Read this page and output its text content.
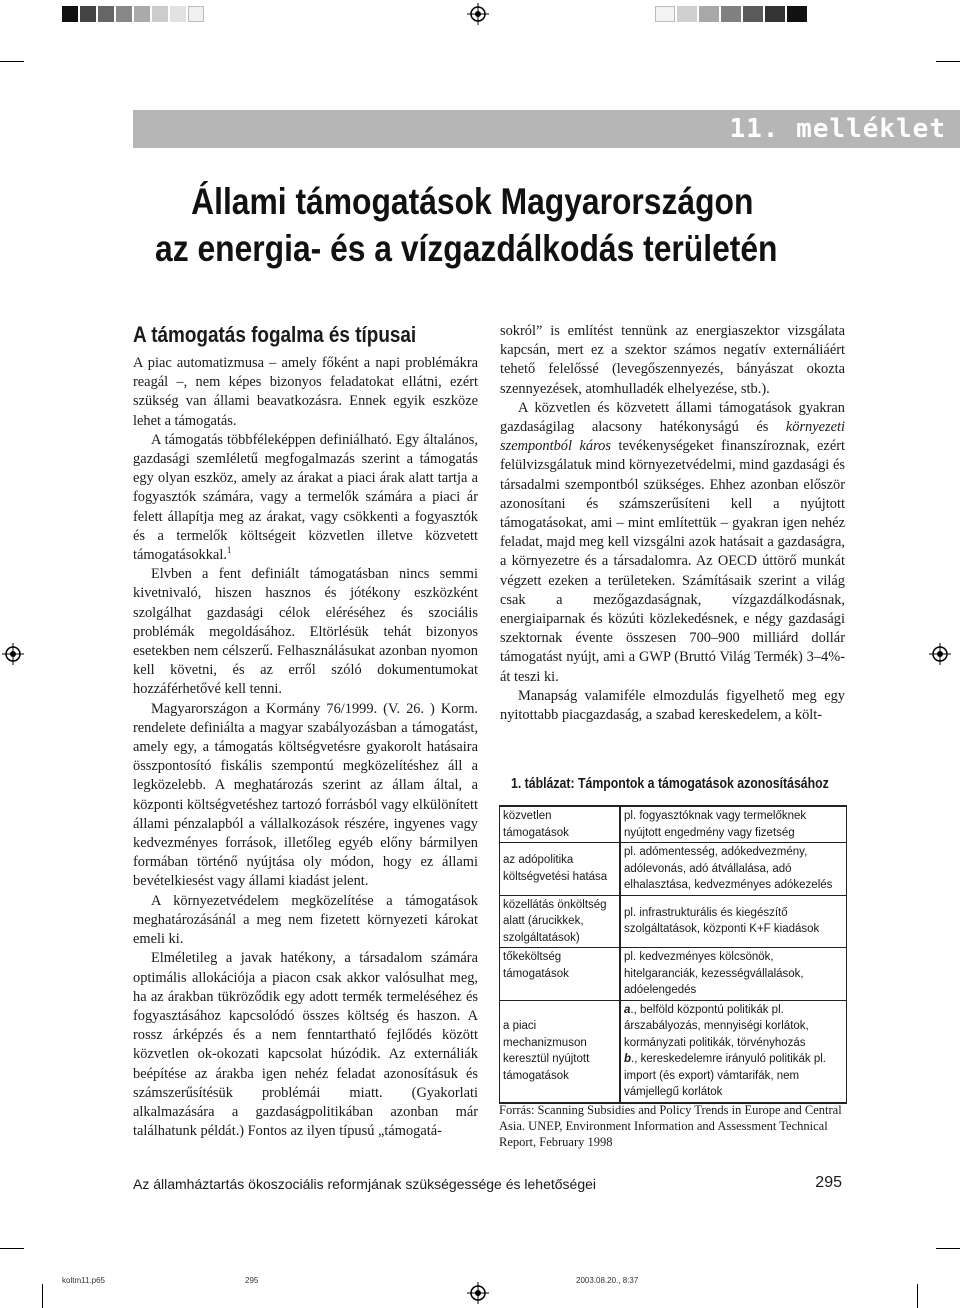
11. melléklet
Állami támogatások Magyarországon
az energia- és a vízgazdálkodás területén
A támogatás fogalma és típusai

A piac automatizmusa – amely főként a napi problémákra reagál –, nem képes bizonyos feladatokat ellátni, ezért szükség van állami beavatkozásra. Ennek egyik eszköze lehet a támogatás.

A támogatás többféleképpen definiálható. Egy általános, gazdasági szemléletű megfogalmazás szerint a támogatás egy olyan eszköz, amely az árakat a piaci árak alatt tartja a fogyasztók számára, vagy a termelők számára a piaci ár felett állapítja meg az árakat, vagy csökkenti a fogyasztók és a termelők költségeit közvetlen illetve közvetett támogatásokkal.$^1$

Elvben a fent definiált támogatásban nincs semmi kivetnivaló, hiszen hasznos és jótékony eszközként szolgálhat gazdasági célok eléréséhez és szociális problémák megoldásához. Eltörlésük tehát bizonyos esetekben nem célszerű. Felhasználásukat azonban nyomon kell követni, és az erről szóló dokumentumokat hozzáférhetővé kell tenni.

Magyarországon a Kormány 76/1999. (V. 26. ) Korm. rendelete definiálta a magyar szabályozásban a támogatást, amely egy, a támogatás költségvetésre gyakorolt hatásaira összpontosító fiskális szempontú megközelítéshez áll a legközelebb. A meghatározás szerint az állam által, a központi költségvetéshez tartozó forrásból vagy elkülönített állami pénzalapból a vállalkozások részére, ingyenes vagy kedvezményes források, illetőleg egyéb előny bármilyen formában történő nyújtása oly módon, hogy ez állami bevételkiesést vagy állami kiadást jelent.

A környezetvédelem megközelítése a támogatások meghatározásánál a meg nem fizetett környezeti károkat emeli ki.

Elméletileg a javak hatékony, a társadalom számára optimális allokációja a piacon csak akkor valósulhat meg, ha az árakban tükröződik egy adott termék termeléséhez és fogyasztásához kapcsolódó összes költség és haszon. A rossz árképzés és a nem fenntartható fejlődés között közvetlen ok-okozati kapcsolat húzódik. Az externáliák beépítése az árakba igen nehéz feladat azonosításuk és számszerűsítésük problémái miatt. (Gyakorlati alkalmazására a gazdaságpolitikában azonban már találhatunk példát.) Fontos az ilyen típusú „támogatá-

sokról” is említést tennünk az energiaszektor vizsgálata kapcsán, mert ez a szektor számos negatív externáliáért tehető felelőssé (levegőszennyezés, bányászat okozta szennyezések, atomhulladék elhelyezése, stb.).

A közvetlen és közvetett állami támogatások gyakran gazdaságilag alacsony hatékonyságú és környezeti szempontból káros tevékenységeket finanszíroznak, ezért felülvizsgálatuk mind környezetvédelmi, mind gazdasági és társadalmi szempontból szükséges. Ehhez azonban először azonosítani és számszerűsíteni kell a nyújtott támogatásokat, ami – mint említettük – gyakran igen nehéz feladat, majd meg kell vizsgálni azok hatásait a gazdaságra, a környezetre és a társadalomra. Az OECD úttörő munkát végzett ezeken a területeken. Számításaik szerint a világ csak a mezőgazdaságnak, vízgazdálkodásnak, energiaiparnak és közúti közlekedésnek, e négy gazdasági szektornak évente összesen 700–900 milliárd dollár támogatást nyújt, ami a GWP (Bruttó Világ Termék) 3–4%-át teszi ki.

Manapság valamiféle elmozdulás figyelhető meg egy nyitottabb piacgazdaság, a szabad kereskedelem, a költ-

1. táblázat: Támpontok a támogatások azonosításához
közvetlen támogatások	pl. fogyasztóknak vagy termelőknek nyújtott engedmény vagy fizetség
az adópolitika költségvetési hatása	pl. adómentesség, adókedvezmény, adólevonás, adó átvállalása, adó elhalasztása, kedvezményes adókezelés
közellátás önköltség alatt (árucikkek, szolgáltatások)	pl. infrastrukturális és kiegészítő szolgáltatások, központi K+F kiadások
tőkeköltség támogatások	pl. kedvezményes kölcsönök, hitelgaranciák, kezességvállalások, adóelengedés
a piaci mechanizmuson keresztül nyújtott támogatások	a., belföld központú politikák pl. árszabályozás, mennyiségi korlátok, kormányzati politikák, törvényhozás
b., kereskedelemre irányuló politikák pl. import (és export) vámtarifák, nem vámjellegű korlátok
Forrás: Scanning Subsidies and Policy Trends in Europe and Central Asia. UNEP, Environment Information and Assessment Technical Report, February 1998
Az államháztartás ökoszociális reformjának szükségessége és lehetőségei	295
koltm11.p65	295	2003.08.20., 8:37
